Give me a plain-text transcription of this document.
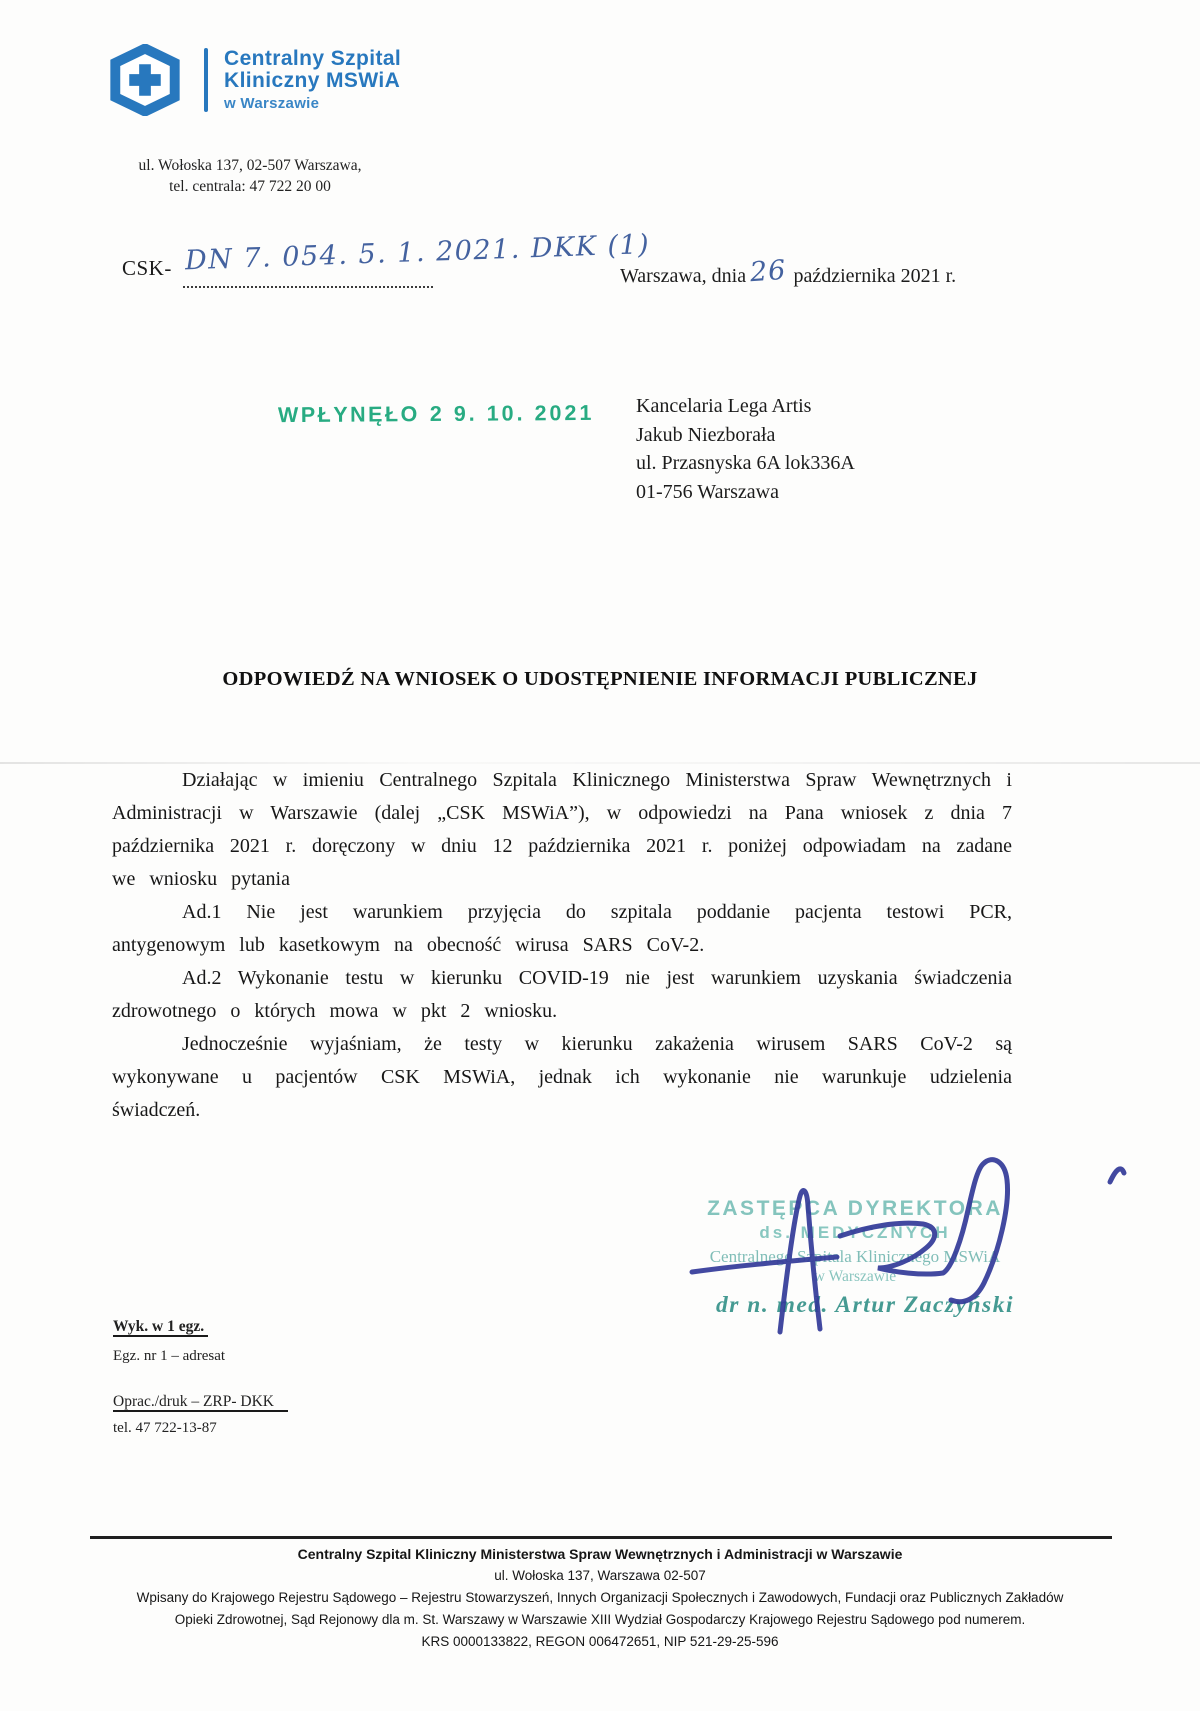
Centralny Szpital
Kliniczny MSWiA
w Warszawie
ul. Wołoska 137, 02-507 Warszawa,
tel. centrala: 47 722 20 00
CSK- DN 7. 054. 5. 1. 2021. DKK (1)
Warszawa, dnia 26 października 2021 r.
WPŁYNĘŁO 2 9. 10. 2021 Kancelaria Lega Artis
Jakub Niezborała
ul. Przasnyska 6A lok336A
01-756 Warszawa
ODPOWIEDŹ NA WNIOSEK O UDOSTĘPNIENIE INFORMACJI PUBLICZNEJ

Działając w imieniu Centralnego Szpitala Klinicznego Ministerstwa Spraw Wewnętrznych i Administracji w Warszawie (dalej „CSK MSWiA”), w odpowiedzi na Pana wniosek z dnia 7 października 2021 r. doręczony w dniu 12 października 2021 r. poniżej odpowiadam na zadane we wniosku pytania

Ad.1 Nie jest warunkiem przyjęcia do szpitala poddanie pacjenta testowi PCR, antygenowym lub kasetkowym na obecność wirusa SARS CoV-2.

Ad.2 Wykonanie testu w kierunku COVID-19 nie jest warunkiem uzyskania świadczenia zdrowotnego o których mowa w pkt 2 wniosku.

Jednocześnie wyjaśniam, że testy w kierunku zakażenia wirusem SARS CoV-2 są wykonywane u pacjentów CSK MSWiA, jednak ich wykonanie nie warunkuje udzielenia świadczeń.

ZASTĘPCA DYREKTORA
ds. MEDYCZNYCH
Centralnego Szpitala Klinicznego MSWiA
w Warszawie
dr n. med. Artur Zaczyński
Wyk. w 1 egz.
Egz. nr 1 – adresat
Oprac./druk – ZRP- DKK
tel. 47 722-13-87
Centralny Szpital Kliniczny Ministerstwa Spraw Wewnętrznych i Administracji w Warszawie
ul. Wołoska 137, Warszawa 02-507
Wpisany do Krajowego Rejestru Sądowego – Rejestru Stowarzyszeń, Innych Organizacji Społecznych i Zawodowych, Fundacji oraz Publicznych Zakładów
Opieki Zdrowotnej, Sąd Rejonowy dla m. St. Warszawy w Warszawie XIII Wydział Gospodarczy Krajowego Rejestru Sądowego pod numerem.
KRS 0000133822, REGON 006472651, NIP 521-29-25-596
